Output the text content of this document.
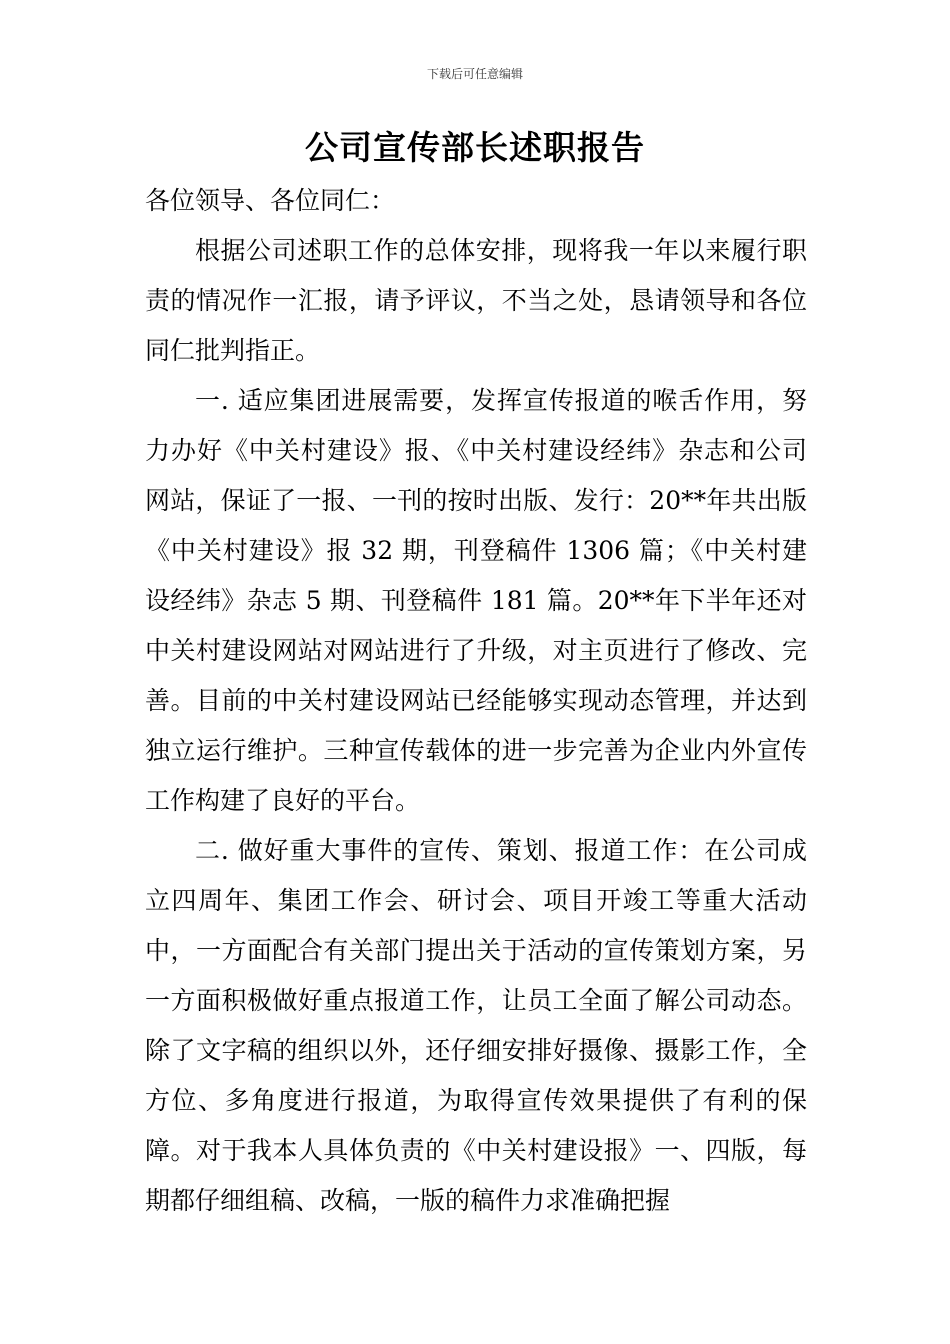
下载后可任意编辑
公司宣传部长述职报告

各位领导、各位同仁：

根据公司述职工作的总体安排，现将我一年以来履行职责的情况作一汇报，请予评议，不当之处，恳请领导和各位同仁批判指正。

一. 适应集团进展需要，发挥宣传报道的喉舌作用，努力办好《中关村建设》报、《中关村建设经纬》杂志和公司网站，保证了一报、一刊的按时出版、发行：20**年共出版《中关村建设》报 32 期，刊登稿件 1306 篇；《中关村建设经纬》杂志 5 期、刊登稿件 181 篇。20**年下半年还对中关村建设网站对网站进行了升级，对主页进行了修改、完善。目前的中关村建设网站已经能够实现动态管理，并达到独立运行维护。三种宣传载体的进一步完善为企业内外宣传工作构建了良好的平台。

二. 做好重大事件的宣传、策划、报道工作：在公司成立四周年、集团工作会、研讨会、项目开竣工等重大活动中，一方面配合有关部门提出关于活动的宣传策划方案，另一方面积极做好重点报道工作，让员工全面了解公司动态。除了文字稿的组织以外，还仔细安排好摄像、摄影工作，全方位、多角度进行报道，为取得宣传效果提供了有利的保障。对于我本人具体负责的《中关村建设报》一、四版，每期都仔细组稿、改稿，一版的稿件力求准确把握
